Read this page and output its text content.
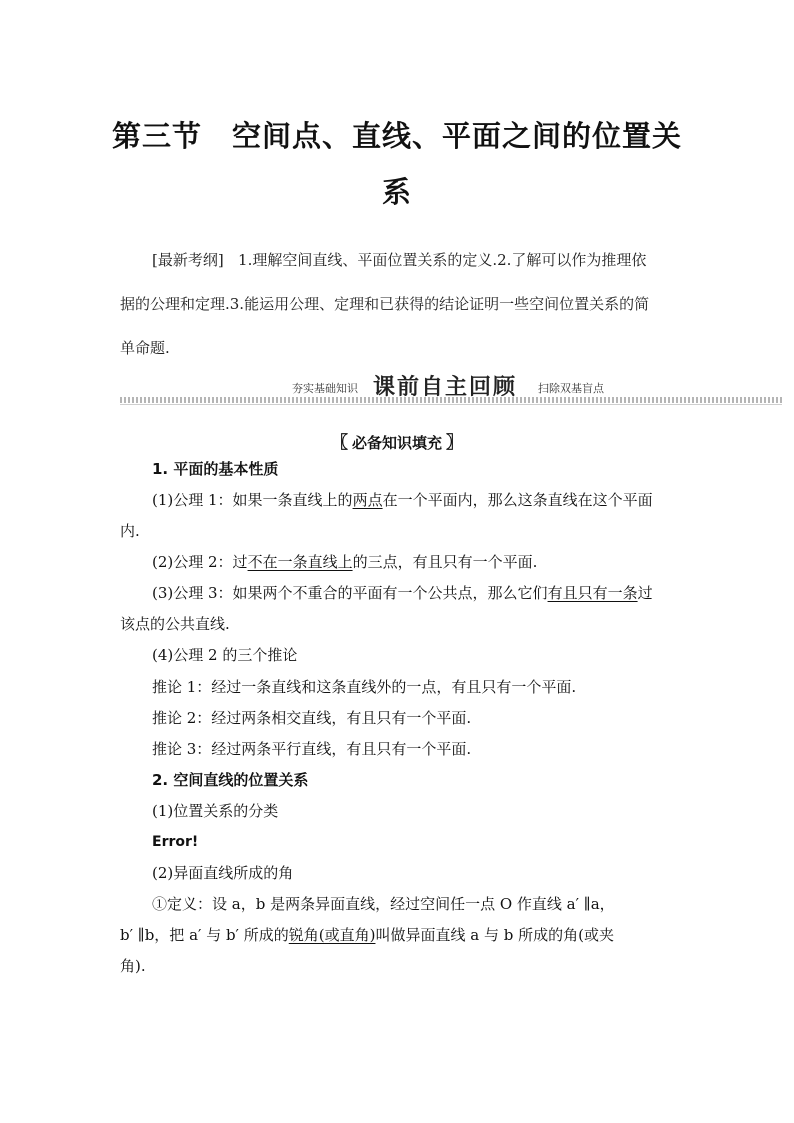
第三节 空间点、直线、平面之间的位置关
系
[最新考纲] 1.理解空间直线、平面位置关系的定义.2.了解可以作为推理依
据的公理和定理.3.能运用公理、定理和已获得的结论证明一些空间位置关系的简
单命题.
夯实基础知识 课前自主回顾 扫除双基盲点
〖 必备知识填充 〗
1. 平面的基本性质
(1)公理 1：如果一条直线上的两点在一个平面内，那么这条直线在这个平面
内.
(2)公理 2：过不在一条直线上的三点，有且只有一个平面.
(3)公理 3：如果两个不重合的平面有一个公共点，那么它们有且只有一条过
该点的公共直线.
(4)公理 2 的三个推论
推论 1：经过一条直线和这条直线外的一点，有且只有一个平面.
推论 2：经过两条相交直线，有且只有一个平面.
推论 3：经过两条平行直线，有且只有一个平面.
2. 空间直线的位置关系
(1)位置关系的分类
Error!
(2)异面直线所成的角
①定义：设 a，b 是两条异面直线，经过空间任一点 O 作直线 a′ ∥a，
b′ ∥b，把 a′ 与 b′ 所成的锐角(或直角)叫做异面直线 a 与 b 所成的角(或夹
角).
